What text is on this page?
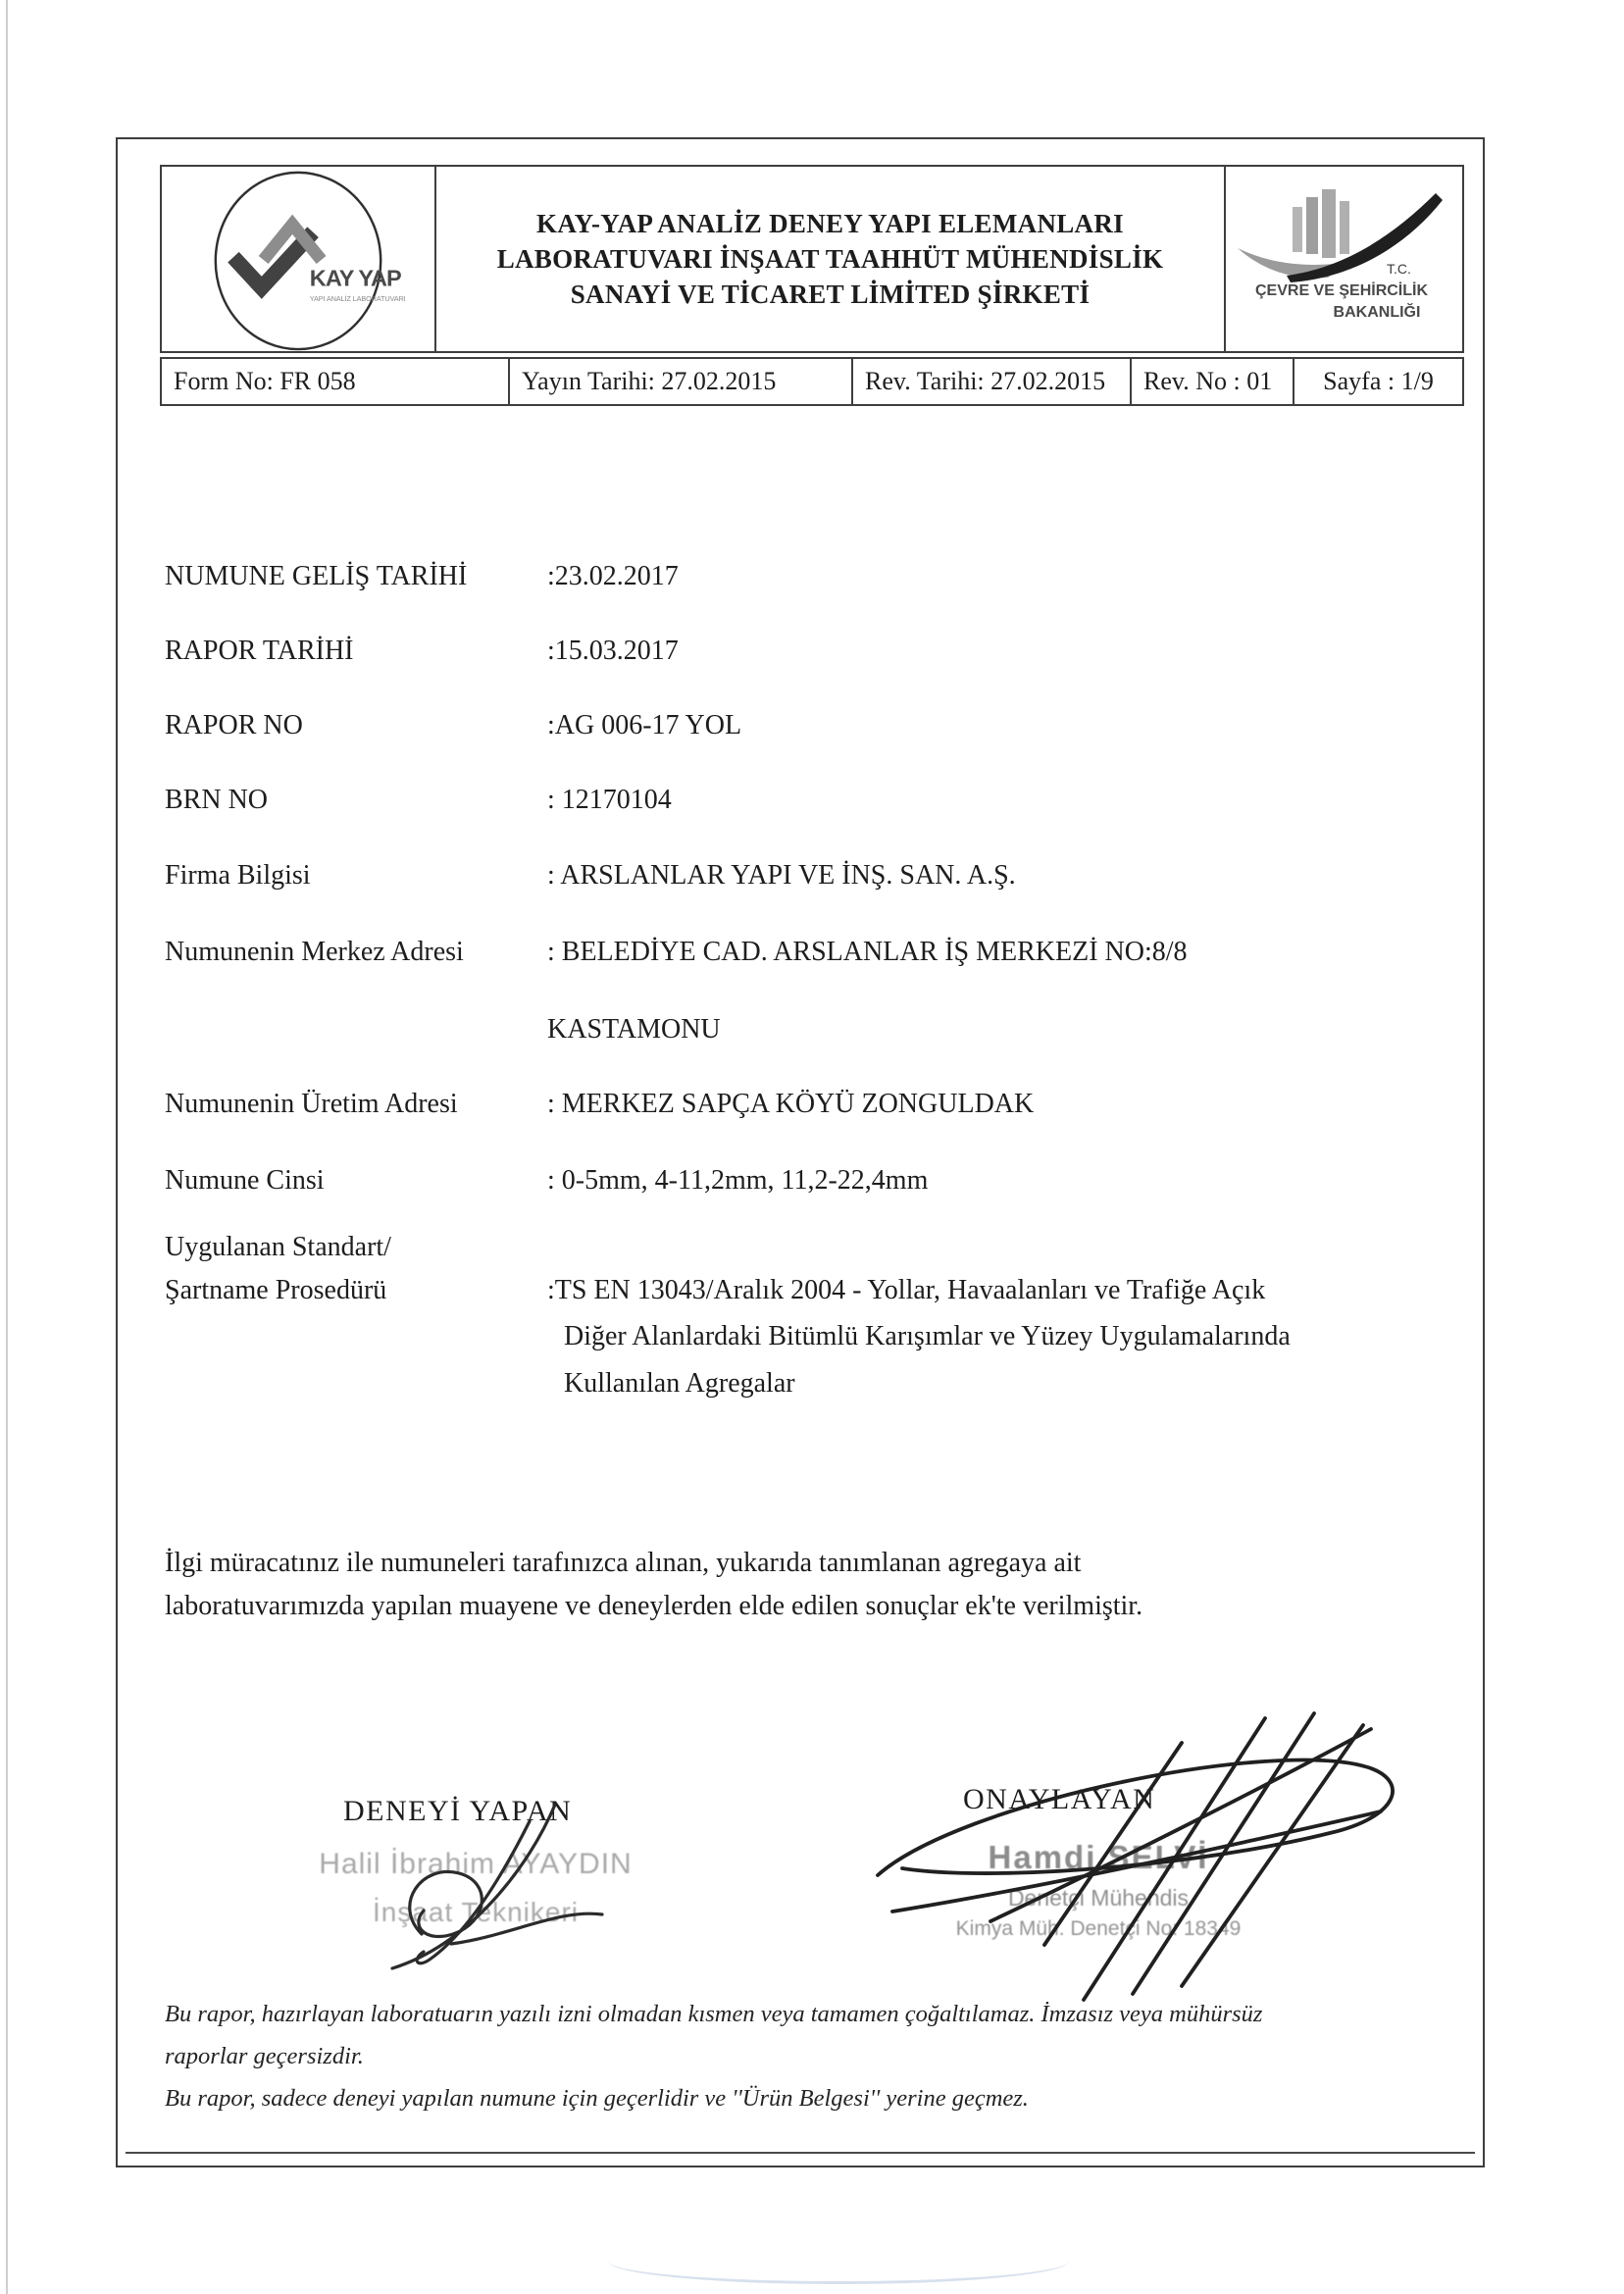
KAY YAP
YAPI ANALİZ LABORATUVARI
KAY-YAP ANALİZ DENEY YAPI ELEMANLARI
LABORATUVARI İNŞAAT TAAHHÜT MÜHENDİSLİK
SANAYİ VE TİCARET LİMİTED ŞİRKETİ
T.C.
ÇEVRE VE ŞEHİRCİLİK
BAKANLIĞI
Form No: FR 058	Yayın Tarihi: 27.02.2015	Rev. Tarihi: 27.02.2015	Rev. No : 01	Sayfa : 1/9
NUMUNE GELİŞ TARİHİ	:23.02.2017
RAPOR TARİHİ	:15.03.2017
RAPOR NO	:AG 006-17 YOL
BRN NO	: 12170104
Firma Bilgisi	: ARSLANLAR YAPI VE İNŞ. SAN. A.Ş.
Numunenin Merkez Adresi	: BELEDİYE CAD. ARSLANLAR İŞ MERKEZİ NO:8/8
KASTAMONU
Numunenin Üretim Adresi	: MERKEZ SAPÇA KÖYÜ ZONGULDAK
Numune Cinsi	: 0-5mm, 4-11,2mm, 11,2-22,4mm
Uygulanan Standart/
Şartname Prosedürü	:TS EN 13043/Aralık 2004 - Yollar, Havaalanları ve Trafiğe Açık
Diğer Alanlardaki Bitümlü Karışımlar ve Yüzey Uygulamalarında
Kullanılan Agregalar
İlgi müracatınız ile numuneleri tarafınızca alınan, yukarıda tanımlanan agregaya ait
laboratuvarımızda yapılan muayene ve deneylerden elde edilen sonuçlar ek'te verilmiştir.
DENEYİ YAPAN
Halil İbrahim AYAYDIN
İnşaat Teknikeri
ONAYLAYAN
Hamdi SELVİ
Denetçi Mühendis
Kimya Müh. Denetçi No: 18349
Bu rapor, hazırlayan laboratuarın yazılı izni olmadan kısmen veya tamamen çoğaltılamaz. İmzasız veya mühürsüz
raporlar geçersizdir.
Bu rapor, sadece deneyi yapılan numune için geçerlidir ve ''Ürün Belgesi'' yerine geçmez.
